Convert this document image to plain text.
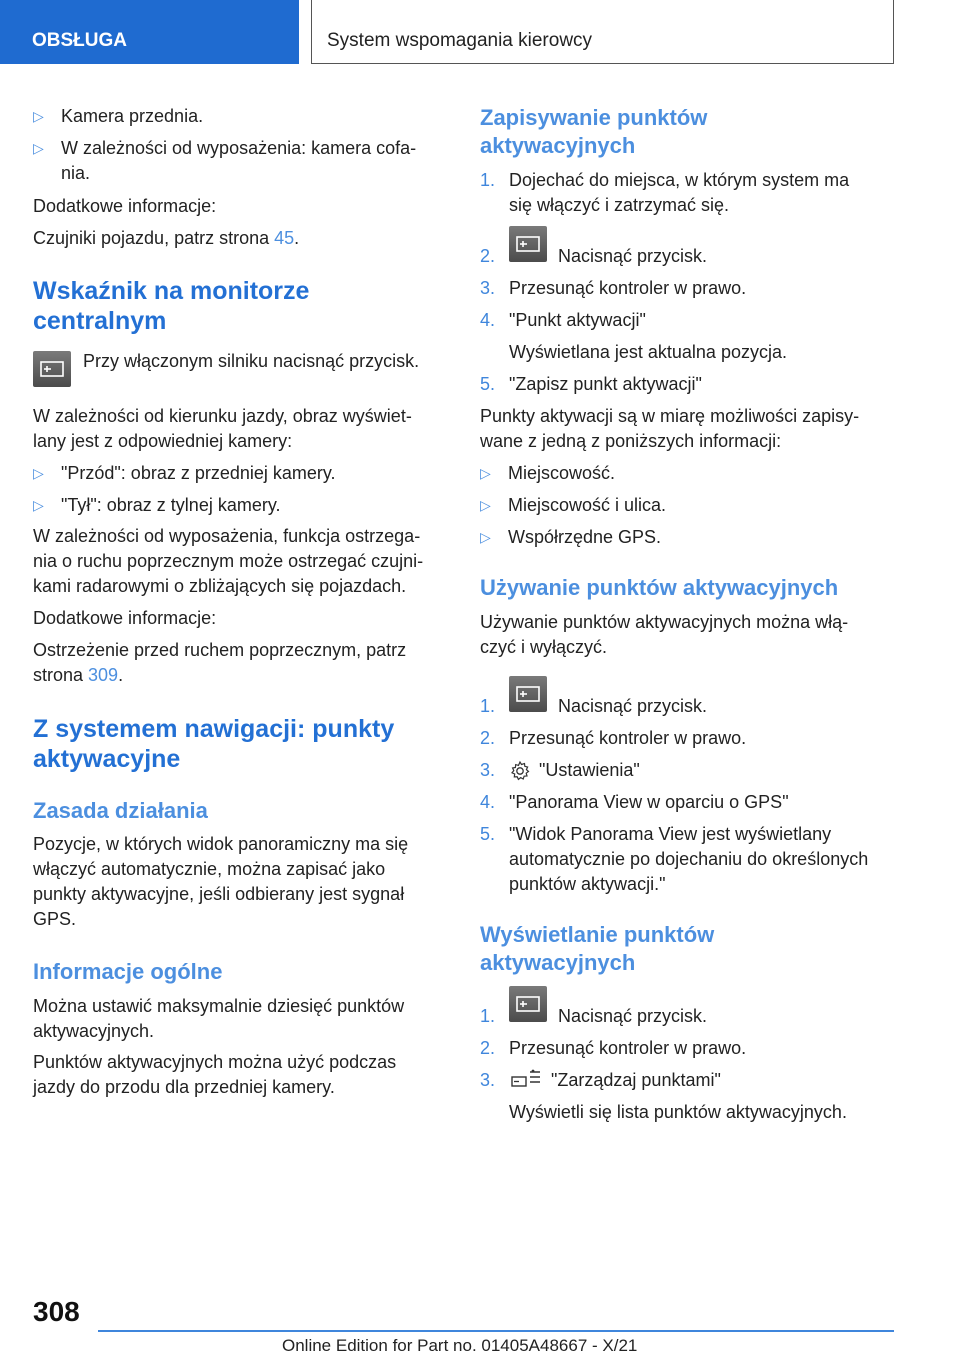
OBSŁUGA	System wspomagania kierowcy
▷ Kamera przednia.
▷ W zależności od wyposażenia: kamera cofa-
nia.
Dodatkowe informacje:
Czujniki pojazdu, patrz strona 45.
Wskaźnik na monitorze
centralnym
Przy włączonym silniku nacisnąć przycisk.
W zależności od kierunku jazdy, obraz wyświet-
lany jest z odpowiedniej kamery:
▷ "Przód": obraz z przedniej kamery.
▷ "Tył": obraz z tylnej kamery.
W zależności od wyposażenia, funkcja ostrzega-
nia o ruchu poprzecznym może ostrzegać czujni-
kami radarowymi o zbliżających się pojazdach.
Dodatkowe informacje:
Ostrzeżenie przed ruchem poprzecznym, patrz
strona 309.
Z systemem nawigacji: punkty
aktywacyjne
Zasada działania
Pozycje, w których widok panoramiczny ma się
włączyć automatycznie, można zapisać jako
punkty aktywacyjne, jeśli odbierany jest sygnał
GPS.
Informacje ogólne
Można ustawić maksymalnie dziesięć punktów
aktywacyjnych.
Punktów aktywacyjnych można użyć podczas
jazdy do przodu dla przedniej kamery.
Zapisywanie punktów
aktywacyjnych
1. Dojechać do miejsca, w którym system ma
się włączyć i zatrzymać się.
2.	Nacisnąć przycisk.
3. Przesunąć kontroler w prawo.
4. "Punkt aktywacji"
Wyświetlana jest aktualna pozycja.
5. "Zapisz punkt aktywacji"
Punkty aktywacji są w miarę możliwości zapisy-
wane z jedną z poniższych informacji:
▷ Miejscowość.
▷ Miejscowość i ulica.
▷ Współrzędne GPS.
Używanie punktów aktywacyjnych
Używanie punktów aktywacyjnych można włą-
czyć i wyłączyć.
1.	Nacisnąć przycisk.
2. Przesunąć kontroler w prawo.
3. "Ustawienia"
4. "Panorama View w oparciu o GPS"
5. "Widok Panorama View jest wyświetlany
automatycznie po dojechaniu do określonych
punktów aktywacji."
Wyświetlanie punktów
aktywacyjnych
1.	Nacisnąć przycisk.
2. Przesunąć kontroler w prawo.
3.	"Zarządzaj punktami"
Wyświetli się lista punktów aktywacyjnych.
308
Online Edition for Part no. 01405A48667 - X/21
